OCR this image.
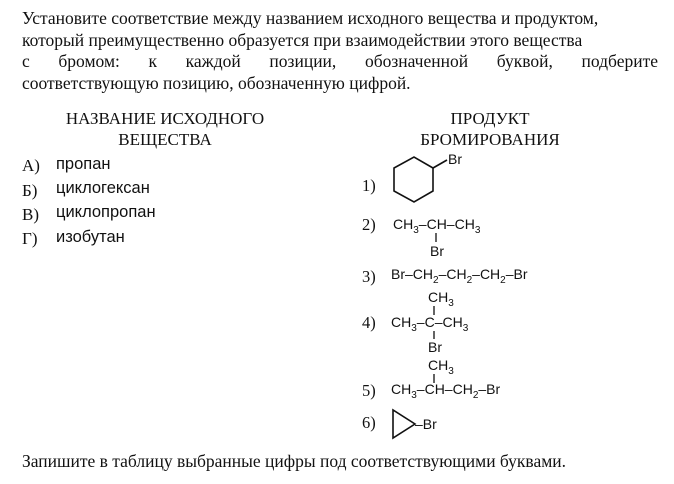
Установите соответствие между названием исходного вещества и продуктом,
который преимущественно образуется при взаимодействии этого вещества
с бромом: к каждой позиции, обозначенной буквой, подберите
соответствующую позицию, обозначенную цифрой.
НАЗВАНИЕ ИСХОДНОГО
ВЕЩЕСТВА
ПРОДУКТ
БРОМИРОВАНИЯ
А) пропан
Б) циклогексан
В) циклопропан
Г) изобутан
1)
2)
3)
4)
5)
6)
Br
$CH_3-CH-CH_3$
Br
$Br-CH_2-CH_2-CH_2-Br$
$CH_3$
$CH_3-C-CH_3$
Br
$CH_3$
$CH_3-CH-CH_2-Br$
–Br
Запишите в таблицу выбранные цифры под соответствующими буквами.
